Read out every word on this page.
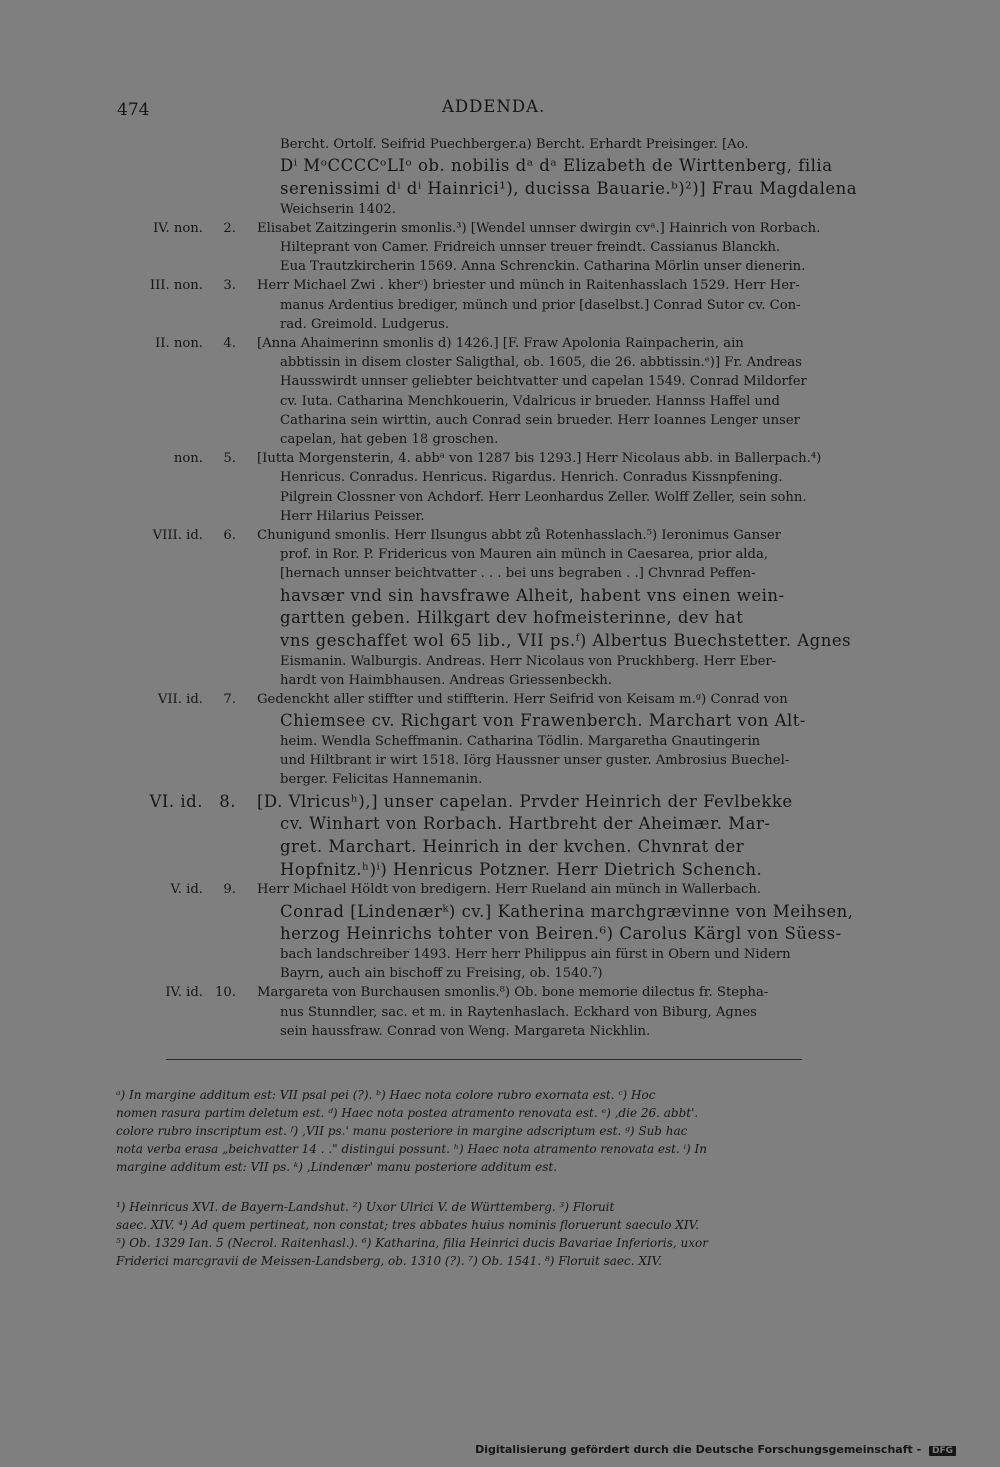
474	ADDENDA.
Bercht. Ortolf. Seifrid Puechberger.a) Bercht. Erhardt Preisinger. [Ao.
Dⁱ MᵒCCCCᵒLIᵒ ob. nobilis dᵃ dᵃ Elizabeth de Wirttenberg, filia
serenissimi dⁱ dⁱ Hainrici¹), ducissa Bauarie.ᵇ)²)] Frau Magdalena
Weichserin 1402.
IV. non. 2. Elisabet Zaitzingerin smonlis.³) [Wendel unnser dwirgin cvᵃ.] Hainrich von Rorbach.
Hilteprant von Camer. Fridreich unnser treuer freindt. Cassianus Blanckh.
Eua Trautzkircherin 1569. Anna Schrenckin. Catharina Mörlin unser dienerin.
III. non. 3. Herr Michael Zwi . kherᶜ) briester und münch in Raitenhasslach 1529. Herr Her-
manus Ardentius brediger, münch und prior [daselbst.] Conrad Sutor cv. Con-
rad. Greimold. Ludgerus.
II. non. 4. [Anna Ahaimerinn smonlis d) 1426.] [F. Fraw Apolonia Rainpacherin, ain
abbtissin in disem closter Saligthal, ob. 1605, die 26. abbtissin.ᵉ)] Fr. Andreas
Hausswirdt unnser geliebter beichtvatter und capelan 1549. Conrad Mildorfer
cv. Iuta. Catharina Menchkouerin, Vdalricus ir brueder. Hannss Haffel und
Catharina sein wirttin, auch Conrad sein brueder. Herr Ioannes Lenger unser
capelan, hat geben 18 groschen.
non. 5. [Iutta Morgensterin, 4. abbᵃ von 1287 bis 1293.] Herr Nicolaus abb. in Ballerpach.⁴)
Henricus. Conradus. Henricus. Rigardus. Henrich. Conradus Kissnpfening.
Pilgrein Clossner von Achdorf. Herr Leonhardus Zeller. Wolff Zeller, sein sohn.
Herr Hilarius Peisser.
VIII. id. 6. Chunigund smonlis. Herr Ilsungus abbt zů Rotenhasslach.⁵) Ieronimus Ganser
prof. in Ror. P. Fridericus von Mauren ain münch in Caesarea, prior alda,
[hernach unnser beichtvatter . . . bei uns begraben . .] Chvnrad Peffen-
havsær vnd sin havsfrawe Alheit, habent vns einen wein-
gartten geben. Hilkgart dev hofmeisterinne, dev hat
vns geschaffet wol 65 lib., VII ps.ᶠ) Albertus Buechstetter. Agnes
Eismanin. Walburgis. Andreas. Herr Nicolaus von Pruckhberg. Herr Eber-
hardt von Haimbhausen. Andreas Griessenbeckh.
VII. id. 7. Gedenckht aller stiffter und stiffterin. Herr Seifrid von Keisam m.ᵍ) Conrad von
Chiemsee cv. Richgart von Frawenberch. Marchart von Alt-
heim. Wendla Scheffmanin. Catharina Tödlin. Margaretha Gnautingerin
und Hiltbrant ir wirt 1518. Iörg Haussner unser guster. Ambrosius Buechel-
berger. Felicitas Hannemanin.
VI. id. 8. [D. Vlricusʰ),] unser capelan. Prvder Heinrich der Fevlbekke
cv. Winhart von Rorbach. Hartbreht der Aheimær. Mar-
gret. Marchart. Heinrich in der kvchen. Chvnrat der
Hopfnitz.ʰ)ⁱ) Henricus Potzner. Herr Dietrich Schench.
V. id. 9. Herr Michael Höldt von bredigern. Herr Rueland ain münch in Wallerbach.
Conrad [Lindenærᵏ) cv.] Katherina marchgrævinne von Meihsen,
herzog Heinrichs tohter von Beiren.⁶) Carolus Kärgl von Süess-
bach landschreiber 1493. Herr herr Philippus ain fürst in Obern und Nidern
Bayrn, auch ain bischoff zu Freising, ob. 1540.⁷)
IV. id. 10. Margareta von Burchausen smonlis.⁸) Ob. bone memorie dilectus fr. Stepha-
nus Stunndler, sac. et m. in Raytenhaslach. Eckhard von Biburg, Agnes
sein haussfraw. Conrad von Weng. Margareta Nickhlin.
ᵃ) In margine additum est: VII psal pei (?). ᵇ) Haec nota colore rubro exornata est. ᶜ) Hoc
nomen rasura partim deletum est. ᵈ) Haec nota postea atramento renovata est. ᵉ) ‚die 26. abbt'.
colore rubro inscriptum est. ᶠ) ‚VII ps.' manu posteriore in margine adscriptum est. ᵍ) Sub hac
nota verba erasa „beichvatter 14 . ." distingui possunt. ʰ) Haec nota atramento renovata est. ⁱ) In
margine additum est: VII ps. ᵏ) ‚Lindenær' manu posteriore additum est.
¹) Heinricus XVI. de Bayern-Landshut. ²) Uxor Ulrici V. de Württemberg. ³) Floruit
saec. XIV. ⁴) Ad quem pertineat, non constat; tres abbates huius nominis floruerunt saeculo XIV.
⁵) Ob. 1329 Ian. 5 (Necrol. Raitenhasl.). ⁶) Katharina, filia Heinrici ducis Bavariae Inferioris, uxor
Friderici marcgravii de Meissen-Landsberg, ob. 1310 (?). ⁷) Ob. 1541. ⁸) Floruit saec. XIV.
Digitalisierung gefördert durch die Deutsche Forschungsgemeinschaft - DFG
